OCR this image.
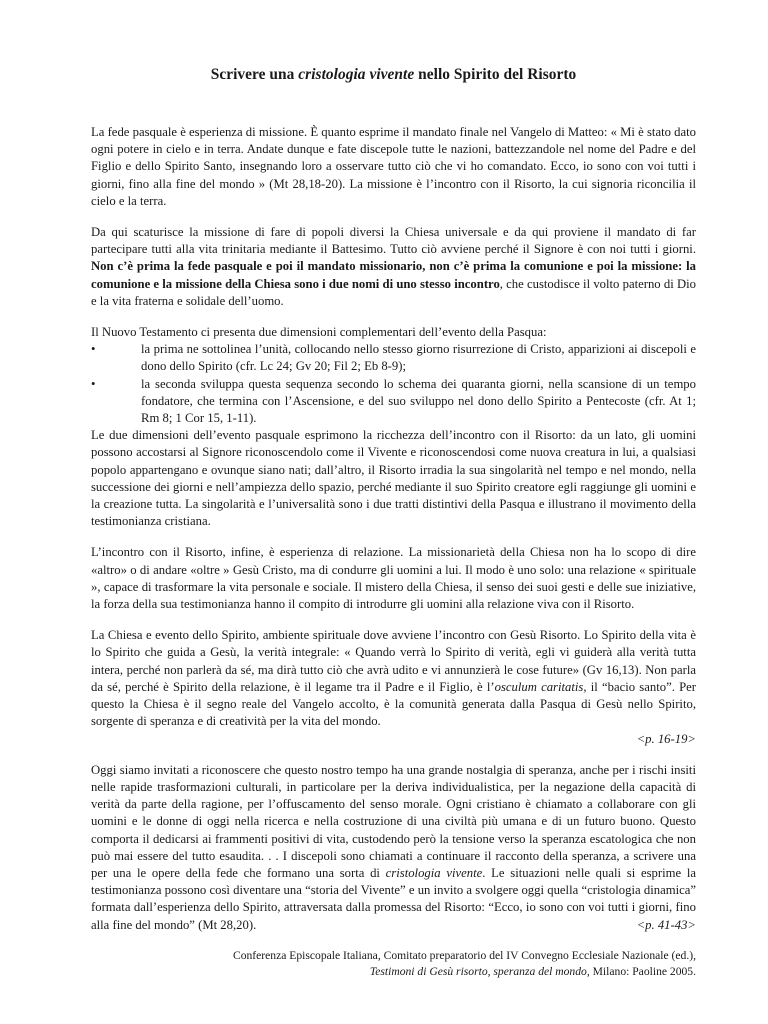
Scrivere una cristologia vivente nello Spirito del Risorto

La fede pasquale è esperienza di missione. È quanto esprime il mandato finale nel Vangelo di Matteo: « Mi è stato dato ogni potere in cielo e in terra. Andate dunque e fate discepole tutte le nazioni, battezzandole nel nome del Padre e del Figlio e dello Spirito Santo, insegnando loro a osservare tutto ciò che vi ho comandato. Ecco, io sono con voi tutti i giorni, fino alla fine del mondo » (Mt 28,18-20). La missione è l’incontro con il Risorto, la cui signoria riconcilia il cielo e la terra.

Da qui scaturisce la missione di fare di popoli diversi la Chiesa universale e da qui proviene il mandato di far partecipare tutti alla vita trinitaria mediante il Battesimo. Tutto ciò avviene perché il Signore è con noi tutti i giorni. Non c’è prima la fede pasquale e poi il mandato missionario, non c’è prima la comunione e poi la missione: la comunione e la missione della Chiesa sono i due nomi di uno stesso incontro, che custodisce il volto paterno di Dio e la vita fraterna e solidale dell’uomo.

Il Nuovo Testamento ci presenta due dimensioni complementari dell’evento della Pasqua:

•	la prima ne sottolinea l’unità, collocando nello stesso giorno risurrezione di Cristo, apparizioni ai discepoli e dono dello Spirito (cfr. Lc 24; Gv 20; Fil 2; Eb 8-9);
•	la seconda sviluppa questa sequenza secondo lo schema dei quaranta giorni, nella scansione di un tempo fondatore, che termina con l’Ascensione, e del suo sviluppo nel dono dello Spirito a Pentecoste (cfr. At 1; Rm 8; 1 Cor 15, 1-11).

Le due dimensioni dell’evento pasquale esprimono la ricchezza dell’incontro con il Risorto: da un lato, gli uomini possono accostarsi al Signore riconoscendolo come il Vivente e riconoscendosi come nuova creatura in lui, a qualsiasi popolo appartengano e ovunque siano nati; dall’altro, il Risorto irradia la sua singolarità nel tempo e nel mondo, nella successione dei giorni e nell’ampiezza dello spazio, perché mediante il suo Spirito creatore egli raggiunge gli uomini e la creazione tutta. La singolarità e l’universalità sono i due tratti distintivi della Pasqua e illustrano il movimento della testimonianza cristiana.

L’incontro con il Risorto, infine, è esperienza di relazione. La missionarietà della Chiesa non ha lo scopo di dire «altro» o di andare «oltre » Gesù Cristo, ma di condurre gli uomini a lui. Il modo è uno solo: una relazione « spirituale », capace di trasformare la vita personale e sociale. Il mistero della Chiesa, il senso dei suoi gesti e delle sue iniziative, la forza della sua testimonianza hanno il compito di introdurre gli uomini alla relazione viva con il Risorto.

La Chiesa e evento dello Spirito, ambiente spirituale dove avviene l’incontro con Gesù Risorto. Lo Spirito della vita è lo Spirito che guida a Gesù, la verità integrale: « Quando verrà lo Spirito di verità, egli vi guiderà alla verità tutta intera, perché non parlerà da sé, ma dirà tutto ciò che avrà udito e vi annunzierà le cose future» (Gv 16,13). Non parla da sé, perché è Spirito della relazione, è il legame tra il Padre e il Figlio, è l’osculum caritatis, il “bacio santo”. Per questo la Chiesa è il segno reale del Vangelo accolto, è la comunità generata dalla Pasqua di Gesù nello Spirito, sorgente di speranza e di creatività per la vita del mondo.
<p. 16-19>

Oggi siamo invitati a riconoscere che questo nostro tempo ha una grande nostalgia di speranza, anche per i rischi insiti nelle rapide trasformazioni culturali, in particolare per la deriva individualistica, per la negazione della capacità di verità da parte della ragione, per l’offuscamento del senso morale. Ogni cristiano è chiamato a collaborare con gli uomini e le donne di oggi nella ricerca e nella costruzione di una civiltà più umana e di un futuro buono. Questo comporta il dedicarsi ai frammenti positivi di vita, custodendo però la tensione verso la speranza escatologica che non può mai essere del tutto esaudita. . . I discepoli sono chiamati a continuare il racconto della speranza, a scrivere una per una le opere della fede che formano una sorta di cristologia vivente. Le situazioni nelle quali si esprime la testimonianza possono così diventare una “storia del Vivente” e un invito a svolgere oggi quella “cristologia dinamica” formata dall’esperienza dello Spirito, attraversata dalla promessa del Risorto: “Ecco, io sono con voi tutti i giorni, fino alla fine del mondo” (Mt 28,20).	<p. 41-43>

Conferenza Episcopale Italiana, Comitato preparatorio del IV Convegno Ecclesiale Nazionale (ed.),
Testimoni di Gesù risorto, speranza del mondo, Milano: Paoline 2005.
